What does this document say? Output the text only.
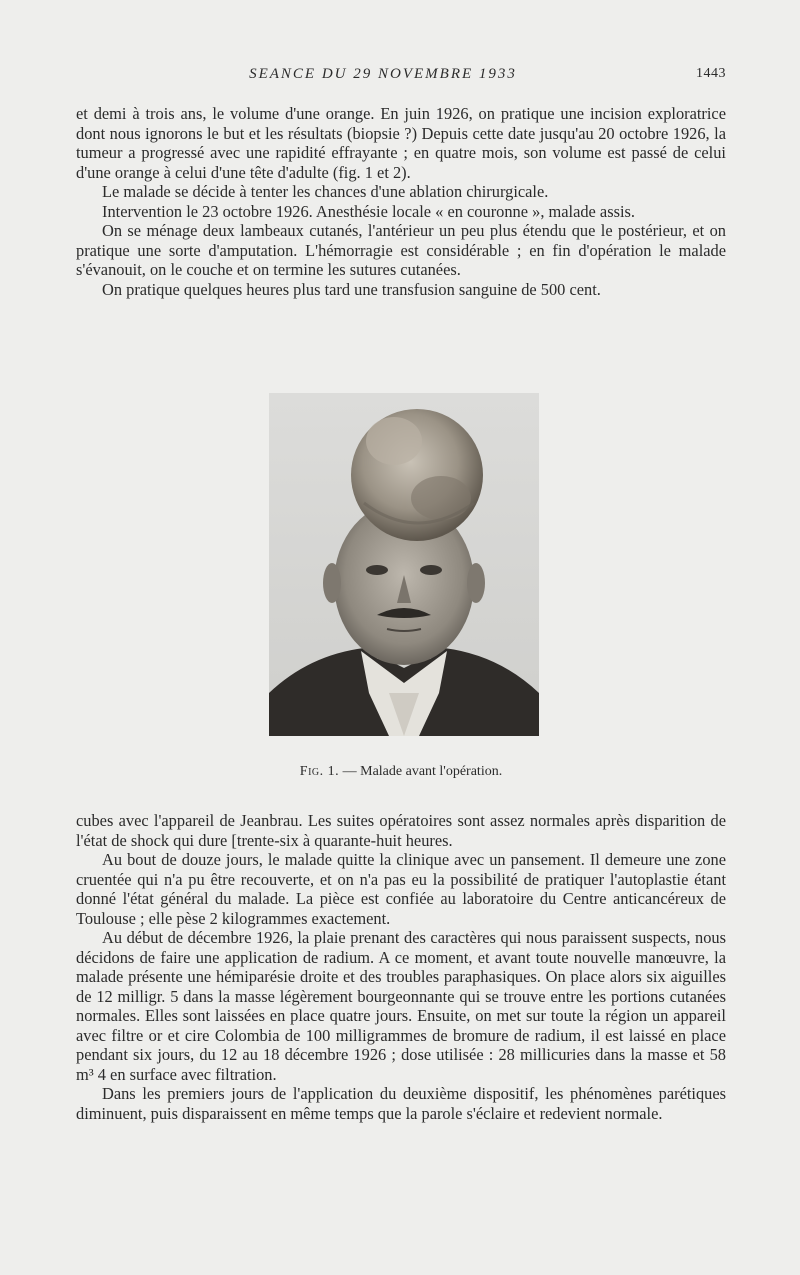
SEANCE DU 29 NOVEMBRE 1933	1443

et demi à trois ans, le volume d'une orange. En juin 1926, on pratique une incision exploratrice dont nous ignorons le but et les résultats (biopsie ?) Depuis cette date jusqu'au 20 octobre 1926, la tumeur a progressé avec une rapidité effrayante ; en quatre mois, son volume est passé de celui d'une orange à celui d'une tête d'adulte (fig. 1 et 2).

Le malade se décide à tenter les chances d'une ablation chirurgicale.

Intervention le 23 octobre 1926. Anesthésie locale « en couronne », malade assis.

On se ménage deux lambeaux cutanés, l'antérieur un peu plus étendu que le postérieur, et on pratique une sorte d'amputation. L'hémorragie est considérable ; en fin d'opération le malade s'évanouit, on le couche et on termine les sutures cutanées.

On pratique quelques heures plus tard une transfusion sanguine de 500 cent.

Fig. 1. — Malade avant l'opération.

cubes avec l'appareil de Jeanbrau. Les suites opératoires sont assez normales après disparition de l'état de shock qui dure [trente-six à quarante-huit heures.

Au bout de douze jours, le malade quitte la clinique avec un pansement. Il demeure une zone cruentée qui n'a pu être recouverte, et on n'a pas eu la possibilité de pratiquer l'autoplastie étant donné l'état général du malade. La pièce est confiée au laboratoire du Centre anticancéreux de Toulouse ; elle pèse 2 kilogrammes exactement.

Au début de décembre 1926, la plaie prenant des caractères qui nous paraissent suspects, nous décidons de faire une application de radium. A ce moment, et avant toute nouvelle manœuvre, la malade présente une hémiparésie droite et des troubles paraphasiques. On place alors six aiguilles de 12 milligr. 5 dans la masse légèrement bourgeonnante qui se trouve entre les portions cutanées normales. Elles sont laissées en place quatre jours. Ensuite, on met sur toute la région un appareil avec filtre or et cire Colombia de 100 milligrammes de bromure de radium, il est laissé en place pendant six jours, du 12 au 18 décembre 1926 ; dose utilisée : 28 millicuries dans la masse et 58 m³ 4 en surface avec filtration.

Dans les premiers jours de l'application du deuxième dispositif, les phénomènes parétiques diminuent, puis disparaissent en même temps que la parole s'éclaire et redevient normale.
